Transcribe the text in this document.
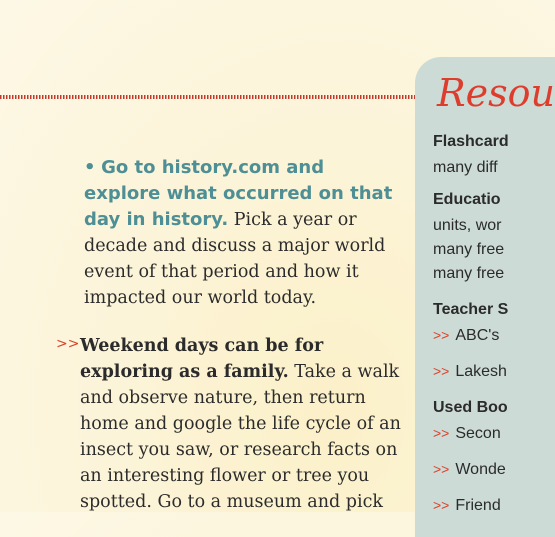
• Go to history.com and explore what occurred on that day in history. Pick a year or decade and discuss a major world event of that period and how it impacted our world today.
>> Weekend days can be for exploring as a family. Take a walk and observe nature, then return home and google the life cycle of an insect you saw, or research facts on an interesting flower or tree you spotted. Go to a museum and pick
Resou
Flashcard
many diff
Educatio
units, wor
many free
many free
Teacher S
>> ABC's
>> Lakesh
Used Boo
>> Secon
>> Wonde
>> Friend
